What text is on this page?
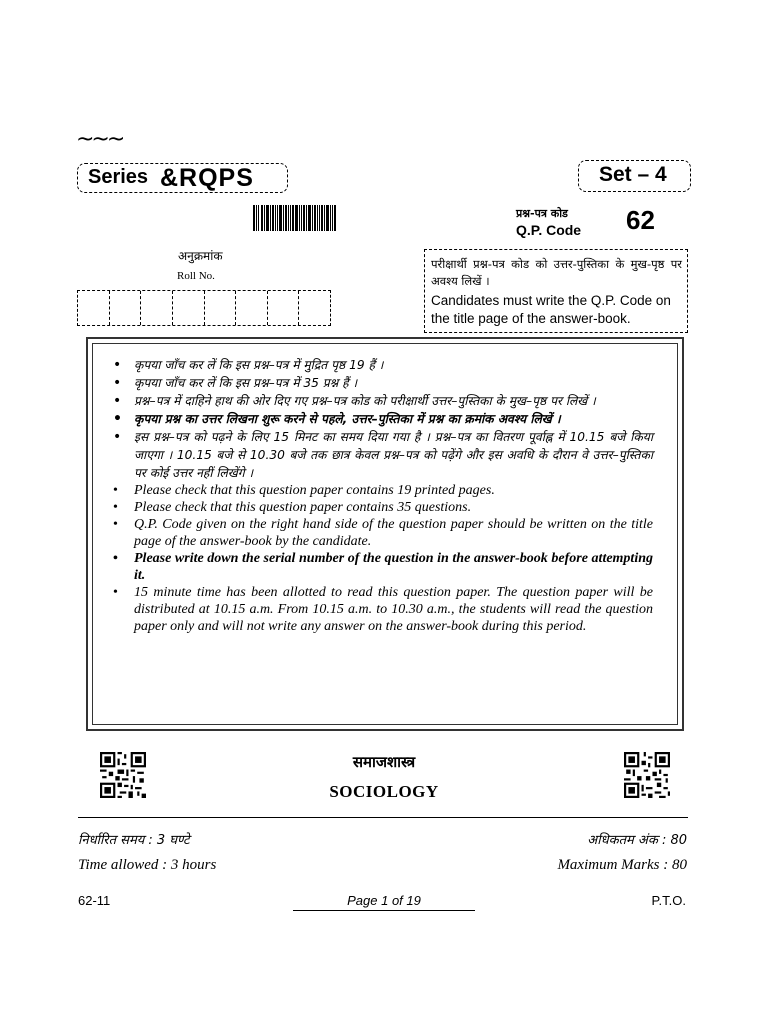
~~~
Series &RQPS	Set – 4
प्रश्न-पत्र कोड
Q.P. Code 62
अनुक्रमांक
Roll No.
परीक्षार्थी प्रश्न-पत्र कोड को उत्तर-पुस्तिका के मुख-पृष्ठ पर अवश्य लिखें ।
Candidates must write the Q.P. Code on the title page of the answer-book.
• कृपया जाँच कर लें कि इस प्रश्न–पत्र में मुद्रित पृष्ठ 19 हैं ।
• कृपया जाँच कर लें कि इस प्रश्न–पत्र में 35 प्रश्न हैं ।
• प्रश्न–पत्र में दाहिने हाथ की ओर दिए गए प्रश्न–पत्र कोड को परीक्षार्थी उत्तर–पुस्तिका के मुख–पृष्ठ पर लिखें ।
• कृपया प्रश्न का उत्तर लिखना शुरू करने से पहले, उत्तर–पुस्तिका में प्रश्न का क्रमांक अवश्य लिखें ।
• इस प्रश्न–पत्र को पढ़ने के लिए 15 मिनट का समय दिया गया है । प्रश्न–पत्र का वितरण पूर्वाह्न में 10.15 बजे किया जाएगा । 10.15 बजे से 10.30 बजे तक छात्र केवल प्रश्न–पत्र को पढ़ेंगे और इस अवधि के दौरान वे उत्तर–पुस्तिका पर कोई उत्तर नहीं लिखेंगे ।
• Please check that this question paper contains 19 printed pages.
• Please check that this question paper contains 35 questions.
• Q.P. Code given on the right hand side of the question paper should be written on the title page of the answer-book by the candidate.
• Please write down the serial number of the question in the answer-book before attempting it.
• 15 minute time has been allotted to read this question paper. The question paper will be distributed at 10.15 a.m. From 10.15 a.m. to 10.30 a.m., the students will read the question paper only and will not write any answer on the answer-book during this period.
समाजशास्त्र
SOCIOLOGY
निर्धारित समय : 3 घण्टे	अधिकतम अंक : 80
Time allowed : 3 hours	Maximum Marks : 80
62-11	Page 1 of 19	P.T.O.
